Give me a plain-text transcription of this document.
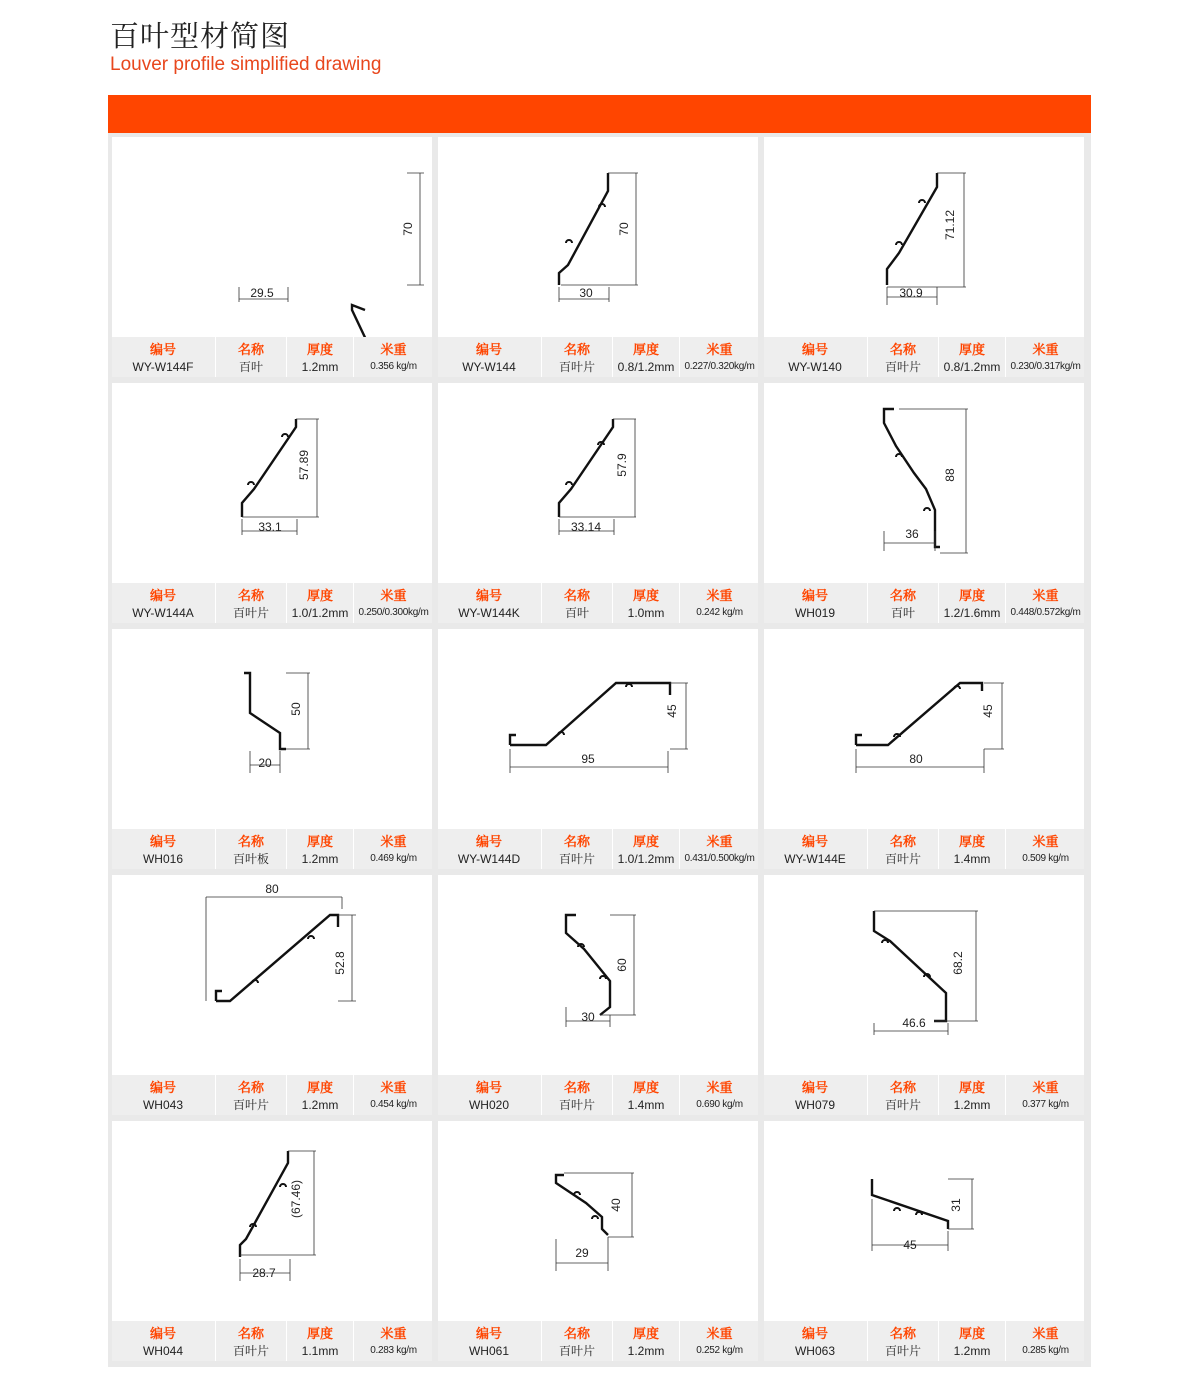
百叶型材简图
Louver profile simplified drawing
70
29.5
编号
WY-W144F
名称
百叶
厚度
1.2mm
米重
0.356 kg/m
70
30
编号
WY-W144
名称
百叶片
厚度
0.8/1.2mm
米重
0.227/0.320kg/m
71.12
30.9
编号
WY-W140
名称
百叶片
厚度
0.8/1.2mm
米重
0.230/0.317kg/m
57.89
33.1
编号
WY-W144A
名称
百叶片
厚度
1.0/1.2mm
米重
0.250/0.300kg/m
57.9
33.14
编号
WY-W144K
名称
百叶
厚度
1.0mm
米重
0.242 kg/m
88
36
编号
WH019
名称
百叶
厚度
1.2/1.6mm
米重
0.448/0.572kg/m
50
20
编号
WH016
名称
百叶板
厚度
1.2mm
米重
0.469 kg/m
45
95
编号
WY-W144D
名称
百叶片
厚度
1.0/1.2mm
米重
0.431/0.500kg/m
45
80
编号
WY-W144E
名称
百叶片
厚度
1.4mm
米重
0.509 kg/m
80
52.8
编号
WH043
名称
百叶片
厚度
1.2mm
米重
0.454 kg/m
60
30
编号
WH020
名称
百叶片
厚度
1.4mm
米重
0.690 kg/m
68.2
46.6
编号
WH079
名称
百叶片
厚度
1.2mm
米重
0.377 kg/m
(67.46)
28.7
编号
WH044
名称
百叶片
厚度
1.1mm
米重
0.283 kg/m
40
29
编号
WH061
名称
百叶片
厚度
1.2mm
米重
0.252 kg/m
31
45
编号
WH063
名称
百叶片
厚度
1.2mm
米重
0.285 kg/m
